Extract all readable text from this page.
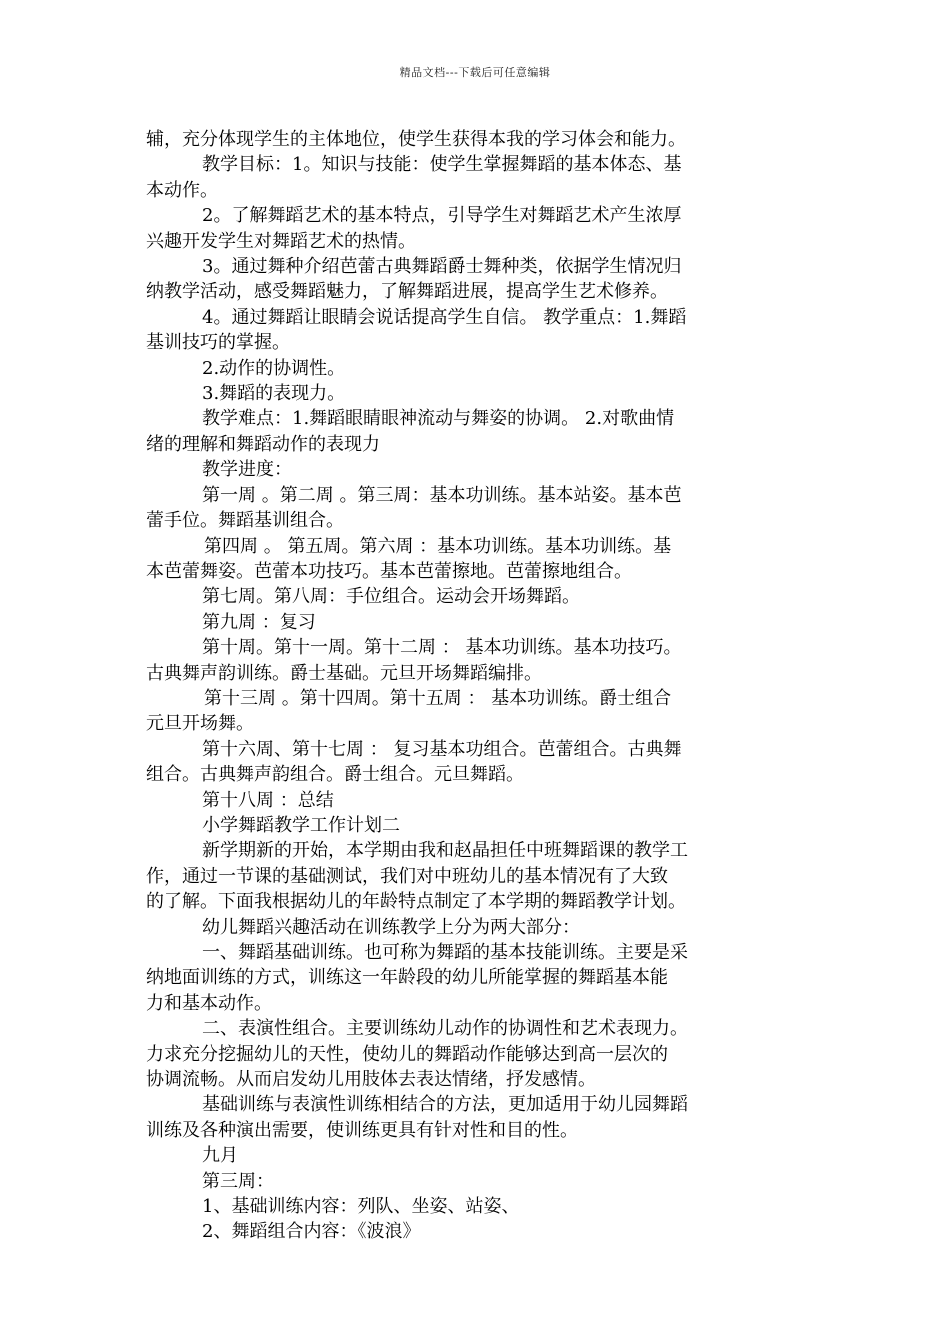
精品文档---下载后可任意编辑

辅，充分体现学生的主体地位，使学生获得本我的学习体会和能力。

教学目标：1。知识与技能：使学生掌握舞蹈的基本体态、基

本动作。

2。了解舞蹈艺术的基本特点，引导学生对舞蹈艺术产生浓厚

兴趣开发学生对舞蹈艺术的热情。

3。通过舞种介绍芭蕾古典舞蹈爵士舞种类，依据学生情况归

纳教学活动，感受舞蹈魅力，了解舞蹈进展，提高学生艺术修养。

4。通过舞蹈让眼睛会说话提高学生自信。 教学重点：1.舞蹈

基训技巧的掌握。

2.动作的协调性。

3.舞蹈的表现力。

教学难点：1.舞蹈眼睛眼神流动与舞姿的协调。 2.对歌曲情

绪的理解和舞蹈动作的表现力

教学进度：

第一周 。第二周 。第三周：基本功训练。基本站姿。基本芭

蕾手位。舞蹈基训组合。

第四周 。 第五周。第六周 ：基本功训练。基本功训练。基

本芭蕾舞姿。芭蕾本功技巧。基本芭蕾擦地。芭蕾擦地组合。

第七周。第八周：手位组合。运动会开场舞蹈。

第九周 ：复习

第十周。第十一周。第十二周 ： 基本功训练。基本功技巧。

古典舞声韵训练。爵士基础。元旦开场舞蹈编排。

第十三周 。第十四周。第十五周 ： 基本功训练。爵士组合

元旦开场舞。

第十六周、第十七周 ： 复习基本功组合。芭蕾组合。古典舞

组合。古典舞声韵组合。爵士组合。元旦舞蹈。

第十八周 ：总结

小学舞蹈教学工作计划二

新学期新的开始，本学期由我和赵晶担任中班舞蹈课的教学工

作，通过一节课的基础测试，我们对中班幼儿的基本情况有了大致

的了解。下面我根据幼儿的年龄特点制定了本学期的舞蹈教学计划。

幼儿舞蹈兴趣活动在训练教学上分为两大部分：

一、舞蹈基础训练。也可称为舞蹈的基本技能训练。主要是采

纳地面训练的方式，训练这一年龄段的幼儿所能掌握的舞蹈基本能

力和基本动作。

二、表演性组合。主要训练幼儿动作的协调性和艺术表现力。

力求充分挖掘幼儿的天性，使幼儿的舞蹈动作能够达到高一层次的

协调流畅。从而启发幼儿用肢体去表达情绪，抒发感情。

基础训练与表演性训练相结合的方法，更加适用于幼儿园舞蹈

训练及各种演出需要，使训练更具有针对性和目的性。

九月

第三周：

1、基础训练内容：列队、坐姿、站姿、

2、舞蹈组合内容：《波浪》
